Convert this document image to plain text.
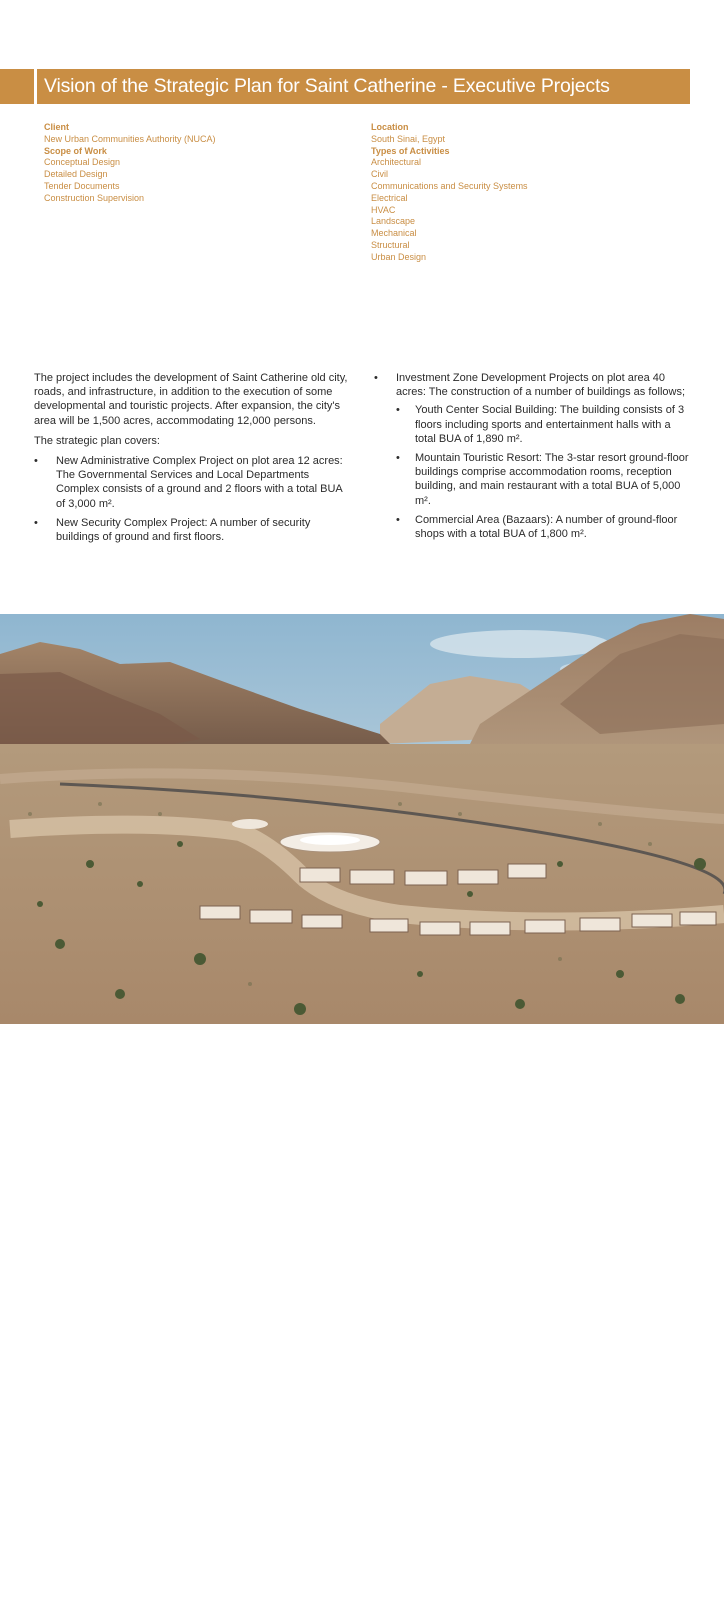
Vision of the Strategic Plan for Saint Catherine - Executive Projects
Client
New Urban Communities Authority (NUCA)
Scope of Work
Conceptual Design
Detailed Design
Tender Documents
Construction Supervision
Location
South Sinai, Egypt
Types of Activities
Architectural
Civil
Communications and Security Systems
Electrical
HVAC
Landscape
Mechanical
Structural
Urban Design

The project includes the development of Saint Catherine old city, roads, and infrastructure, in addition to the execution of some developmental and touristic projects. After expansion, the city's area will be 1,500 acres, accommodating 12,000 persons.

The strategic plan covers:

• New Administrative Complex Project on plot area 12 acres: The Governmental Services and Local Departments Complex consists of a ground and 2 floors with a total BUA of 3,000 m².
• New Security Complex Project: A number of security buildings of ground and first floors.
• Investment Zone Development Projects on plot area 40 acres: The construction of a number of buildings as follows;
• Youth Center Social Building: The building consists of 3 floors including sports and entertainment halls with a total BUA of 1,890 m².
• Mountain Touristic Resort: The 3-star resort ground-floor buildings comprise accommodation rooms, reception building, and main restaurant with a total BUA of 5,000 m².
• Commercial Area (Bazaars): A number of ground-floor shops with a total BUA of 1,800 m².
Vision of the Strategic Plan for Saint Catherine - Executive Projects
